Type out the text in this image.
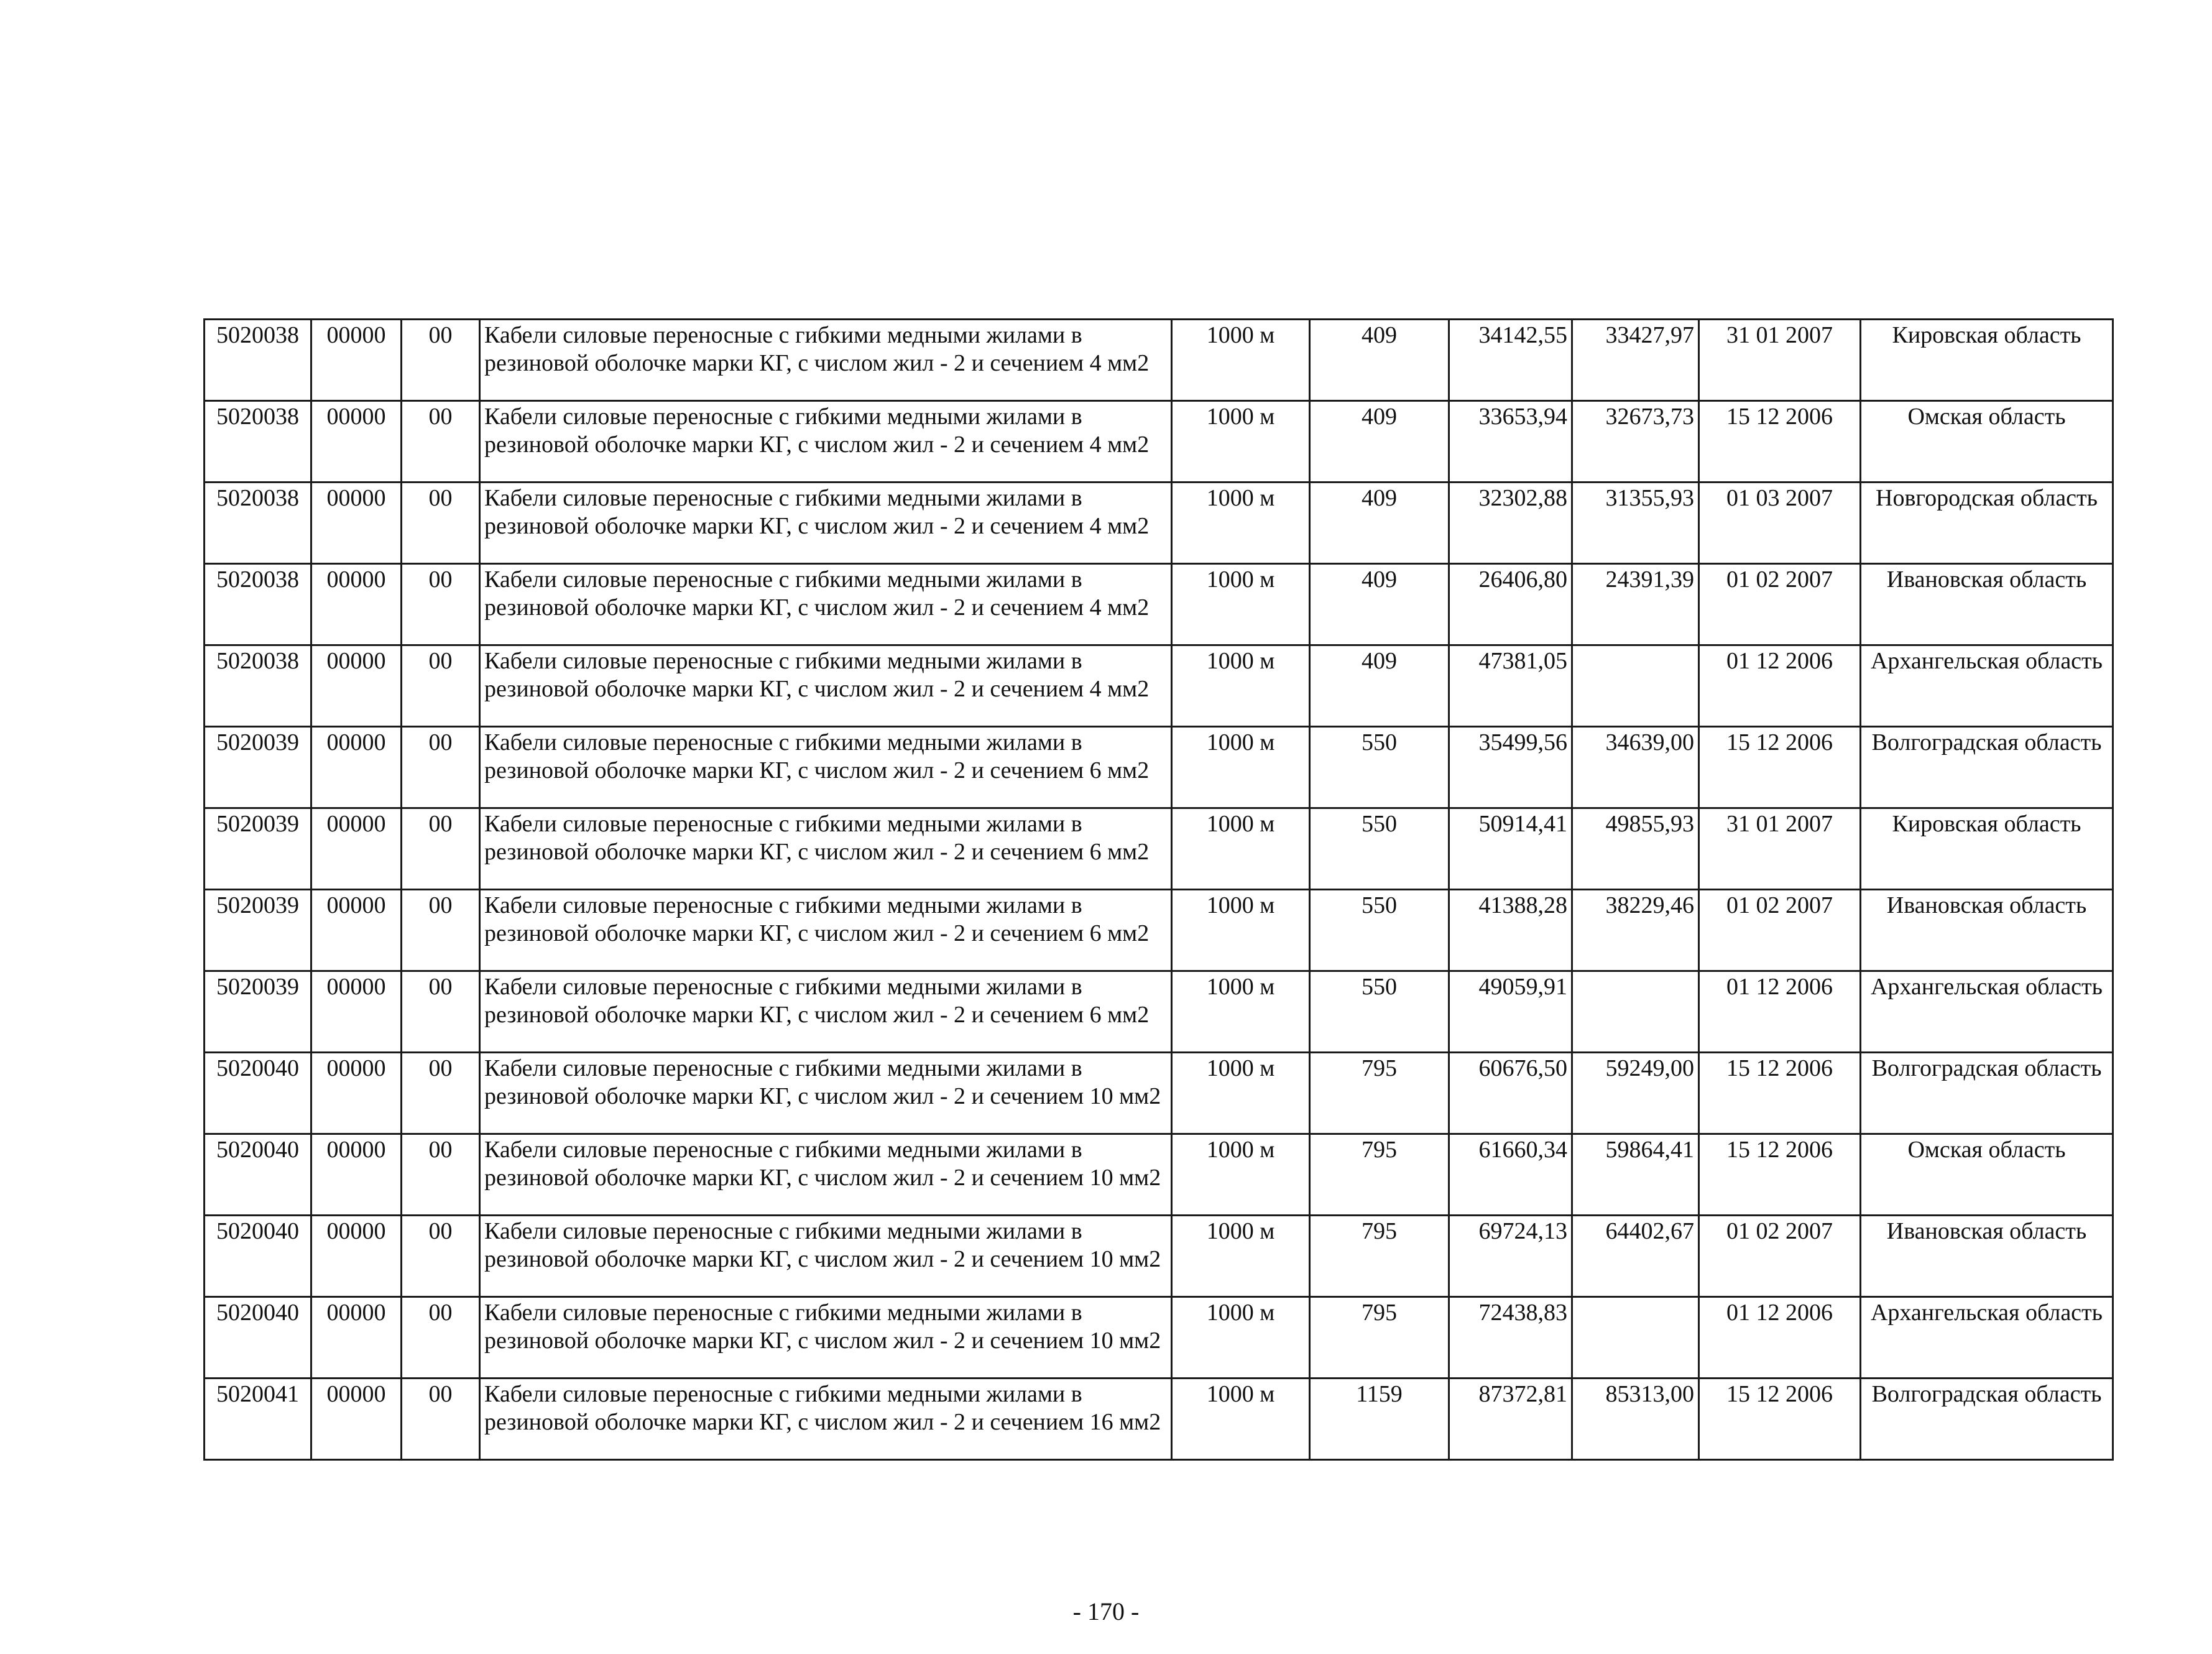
5020038	00000	00	Кабели силовые переносные с гибкими медными жилами в резиновой оболочке марки КГ, с числом жил - 2 и сечением 4 мм2	1000 м	409	34142,55	33427,97	31 01 2007	Кировская область
5020038	00000	00	Кабели силовые переносные с гибкими медными жилами в резиновой оболочке марки КГ, с числом жил - 2 и сечением 4 мм2	1000 м	409	33653,94	32673,73	15 12 2006	Омская область
5020038	00000	00	Кабели силовые переносные с гибкими медными жилами в резиновой оболочке марки КГ, с числом жил - 2 и сечением 4 мм2	1000 м	409	32302,88	31355,93	01 03 2007	Новгородская область
5020038	00000	00	Кабели силовые переносные с гибкими медными жилами в резиновой оболочке марки КГ, с числом жил - 2 и сечением 4 мм2	1000 м	409	26406,80	24391,39	01 02 2007	Ивановская область
5020038	00000	00	Кабели силовые переносные с гибкими медными жилами в резиновой оболочке марки КГ, с числом жил - 2 и сечением 4 мм2	1000 м	409	47381,05		01 12 2006	Архангельская область
5020039	00000	00	Кабели силовые переносные с гибкими медными жилами в резиновой оболочке марки КГ, с числом жил - 2 и сечением 6 мм2	1000 м	550	35499,56	34639,00	15 12 2006	Волгоградская область
5020039	00000	00	Кабели силовые переносные с гибкими медными жилами в резиновой оболочке марки КГ, с числом жил - 2 и сечением 6 мм2	1000 м	550	50914,41	49855,93	31 01 2007	Кировская область
5020039	00000	00	Кабели силовые переносные с гибкими медными жилами в резиновой оболочке марки КГ, с числом жил - 2 и сечением 6 мм2	1000 м	550	41388,28	38229,46	01 02 2007	Ивановская область
5020039	00000	00	Кабели силовые переносные с гибкими медными жилами в резиновой оболочке марки КГ, с числом жил - 2 и сечением 6 мм2	1000 м	550	49059,91		01 12 2006	Архангельская область
5020040	00000	00	Кабели силовые переносные с гибкими медными жилами в резиновой оболочке марки КГ, с числом жил - 2 и сечением 10 мм2	1000 м	795	60676,50	59249,00	15 12 2006	Волгоградская область
5020040	00000	00	Кабели силовые переносные с гибкими медными жилами в резиновой оболочке марки КГ, с числом жил - 2 и сечением 10 мм2	1000 м	795	61660,34	59864,41	15 12 2006	Омская область
5020040	00000	00	Кабели силовые переносные с гибкими медными жилами в резиновой оболочке марки КГ, с числом жил - 2 и сечением 10 мм2	1000 м	795	69724,13	64402,67	01 02 2007	Ивановская область
5020040	00000	00	Кабели силовые переносные с гибкими медными жилами в резиновой оболочке марки КГ, с числом жил - 2 и сечением 10 мм2	1000 м	795	72438,83		01 12 2006	Архангельская область
5020041	00000	00	Кабели силовые переносные с гибкими медными жилами в резиновой оболочке марки КГ, с числом жил - 2 и сечением 16 мм2	1000 м	1159	87372,81	85313,00	15 12 2006	Волгоградская область
- 170 -
